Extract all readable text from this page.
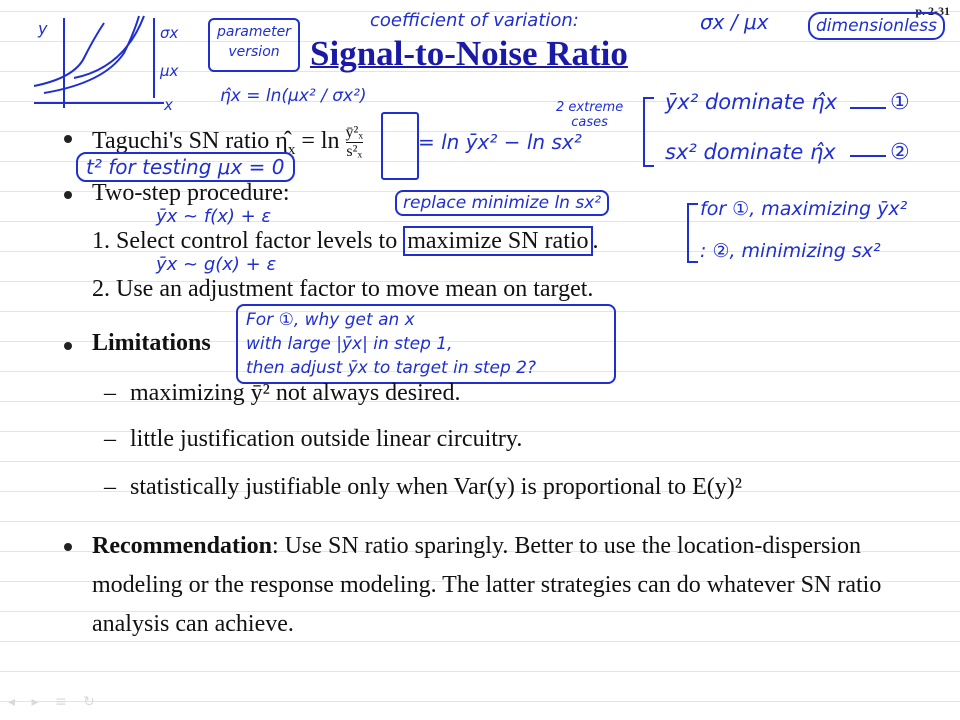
p. 2-31
Signal-to-Noise Ratio
y	σx
μx
x
parameter
version
η̂x = ln(μx² / σx²)
coefficient of variation:	σx / μx	dimensionless
Taguchi's SN ratio $\etâ_x = \ln \frac{\text{ȳ²ₓ}}{\text{s²ₓ}}$	= ln ȳx² − ln sx²
2 extreme
cases
ȳx² dominate η̂x ①
sx² dominate η̂x ②
t² for testing μx = 0
Two-step procedure:	replace minimize ln sx²
ȳx ~ f(x) + ε
1. Select control factor levels to maximize SN ratio .
for ①, maximizing ȳx²
: ②, minimizing sx²
ȳx ~ g(x) + ε
2. Use an adjustment factor to move mean on target.
Limitations
For ①, why get an x
with large |ȳx| in step 1,
then adjust ȳx to target in step 2?
– maximizing ȳ² not always desired.
– little justification outside linear circuitry.
– statistically justifiable only when Var(y) is proportional to E(y)²
Recommendation: Use SN ratio sparingly. Better to use the location-dispersion modeling or the response modeling. The latter strategies can do whatever SN ratio analysis can achieve.
◂ ▸ ≡ ↻
